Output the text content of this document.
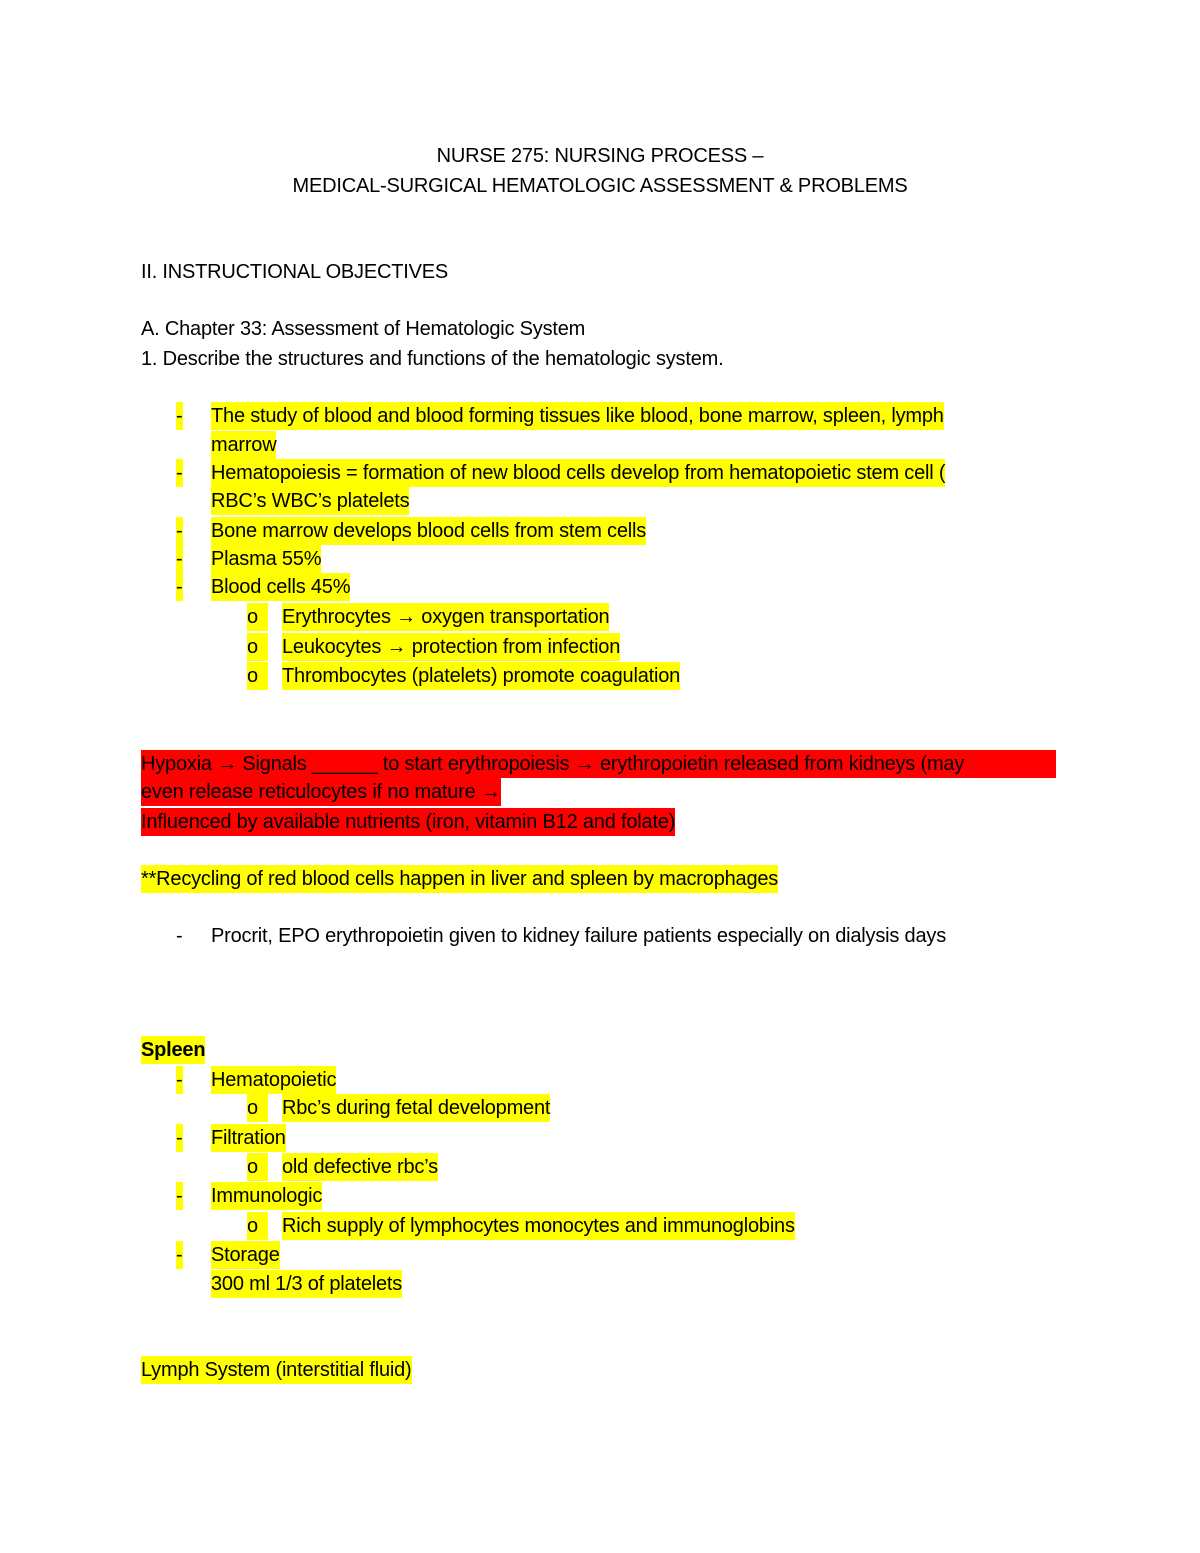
NURSE 275: NURSING PROCESS –
MEDICAL-SURGICAL HEMATOLOGIC ASSESSMENT & PROBLEMS
II. INSTRUCTIONAL OBJECTIVES
A. Chapter 33: Assessment of Hematologic System
1. Describe the structures and functions of the hematologic system.
- The study of blood and blood forming tissues like blood, bone marrow, spleen, lymph
marrow
- Hematopoiesis = formation of new blood cells develop from hematopoietic stem cell (
RBC’s WBC’s platelets
- Bone marrow develops blood cells from stem cells
- Plasma 55%
- Blood cells 45%
o	Erythrocytes → oxygen transportation
o	Leukocytes → protection from infection
o	Thrombocytes (platelets) promote coagulation
Hypoxia → Signals ______ to start erythropoiesis → erythropoietin released from kidneys (may
even release reticulocytes if no mature →
Influenced by available nutrients (iron, vitamin B12 and folate)
**Recycling of red blood cells happen in liver and spleen by macrophages
- Procrit, EPO erythropoietin given to kidney failure patients especially on dialysis days
Spleen
- Hematopoietic
o	Rbc’s during fetal development
- Filtration
o	old defective rbc’s
- Immunologic
o	Rich supply of lymphocytes monocytes and immunoglobins
- Storage
300 ml 1/3 of platelets
Lymph System (interstitial fluid)
